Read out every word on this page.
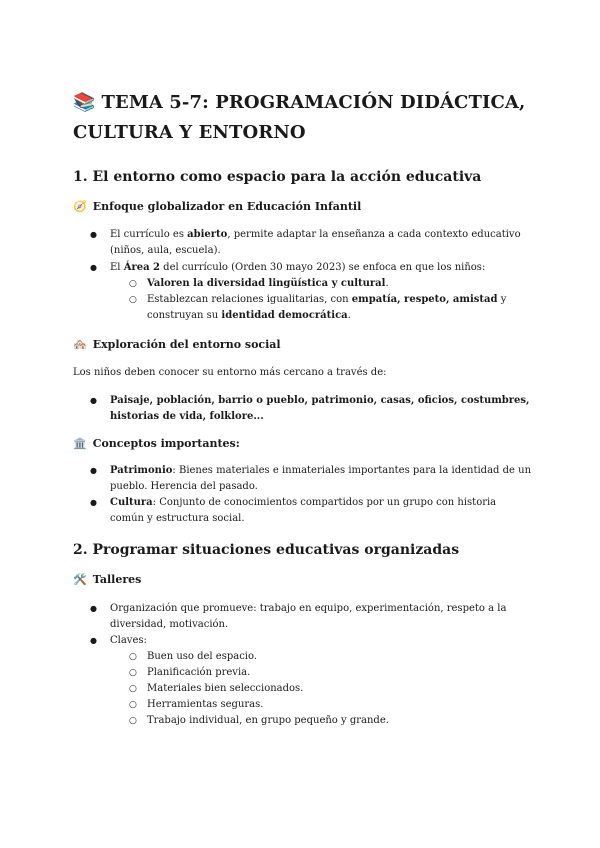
📚 TEMA 5-7: PROGRAMACIÓN DIDÁCTICA,
CULTURA Y ENTORNO
1. El entorno como espacio para la acción educativa
🧭 Enfoque globalizador en Educación Infantil
● El currículo es abierto, permite adaptar la enseñanza a cada contexto educativo (niños, aula, escuela).
● El Área 2 del currículo (Orden 30 mayo 2023) se enfoca en que los niños:
○ Valoren la diversidad lingüística y cultural.
○ Establezcan relaciones igualitarias, con empatía, respeto, amistad y construyan su identidad democrática.
🏘️ Exploración del entorno social

Los niños deben conocer su entorno más cercano a través de:

● Paisaje, población, barrio o pueblo, patrimonio, casas, oficios, costumbres, historias de vida, folklore...
🏛️ Conceptos importantes:
● Patrimonio: Bienes materiales e inmateriales importantes para la identidad de un pueblo. Herencia del pasado.
● Cultura: Conjunto de conocimientos compartidos por un grupo con historia común y estructura social.
2. Programar situaciones educativas organizadas
🛠️ Talleres
● Organización que promueve: trabajo en equipo, experimentación, respeto a la diversidad, motivación.
● Claves:
○ Buen uso del espacio.
○ Planificación previa.
○ Materiales bien seleccionados.
○ Herramientas seguras.
○ Trabajo individual, en grupo pequeño y grande.
